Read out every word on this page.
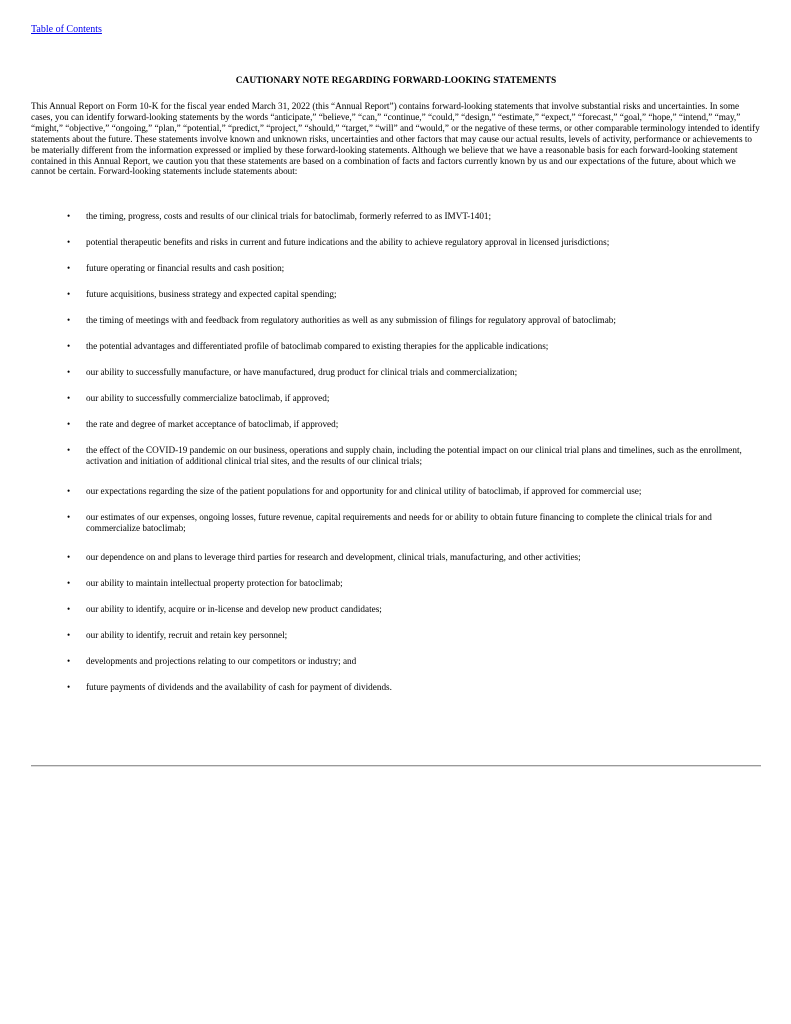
Table of Contents
CAUTIONARY NOTE REGARDING FORWARD-LOOKING STATEMENTS

This Annual Report on Form 10-K for the fiscal year ended March 31, 2022 (this “Annual Report”) contains forward-looking statements that involve substantial risks and uncertainties. In some cases, you can identify forward-looking statements by the words “anticipate,” “believe,” “can,” “continue,” “could,” “design,” “estimate,” “expect,” “forecast,” “goal,” “hope,” “intend,” “may,” “might,” “objective,” “ongoing,” “plan,” “potential,” “predict,” “project,” “should,” “target,” “will” and “would,” or the negative of these terms, or other comparable terminology intended to identify statements about the future. These statements involve known and unknown risks, uncertainties and other factors that may cause our actual results, levels of activity, performance or achievements to be materially different from the information expressed or implied by these forward-looking statements. Although we believe that we have a reasonable basis for each forward-looking statement contained in this Annual Report, we caution you that these statements are based on a combination of facts and factors currently known by us and our expectations of the future, about which we cannot be certain. Forward-looking statements include statements about:

•	the timing, progress, costs and results of our clinical trials for batoclimab, formerly referred to as IMVT-1401;
•	potential therapeutic benefits and risks in current and future indications and the ability to achieve regulatory approval in licensed jurisdictions;
•	future operating or financial results and cash position;
•	future acquisitions, business strategy and expected capital spending;
•	the timing of meetings with and feedback from regulatory authorities as well as any submission of filings for regulatory approval of batoclimab;
•	the potential advantages and differentiated profile of batoclimab compared to existing therapies for the applicable indications;
•	our ability to successfully manufacture, or have manufactured, drug product for clinical trials and commercialization;
•	our ability to successfully commercialize batoclimab, if approved;
•	the rate and degree of market acceptance of batoclimab, if approved;
•	the effect of the COVID-19 pandemic on our business, operations and supply chain, including the potential impact on our clinical trial plans and timelines, such as the enrollment, activation and initiation of additional clinical trial sites, and the results of our clinical trials;
•	our expectations regarding the size of the patient populations for and opportunity for and clinical utility of batoclimab, if approved for commercial use;
•	our estimates of our expenses, ongoing losses, future revenue, capital requirements and needs for or ability to obtain future financing to complete the clinical trials for and commercialize batoclimab;
•	our dependence on and plans to leverage third parties for research and development, clinical trials, manufacturing, and other activities;
•	our ability to maintain intellectual property protection for batoclimab;
•	our ability to identify, acquire or in-license and develop new product candidates;
•	our ability to identify, recruit and retain key personnel;
•	developments and projections relating to our competitors or industry; and
•	future payments of dividends and the availability of cash for payment of dividends.
